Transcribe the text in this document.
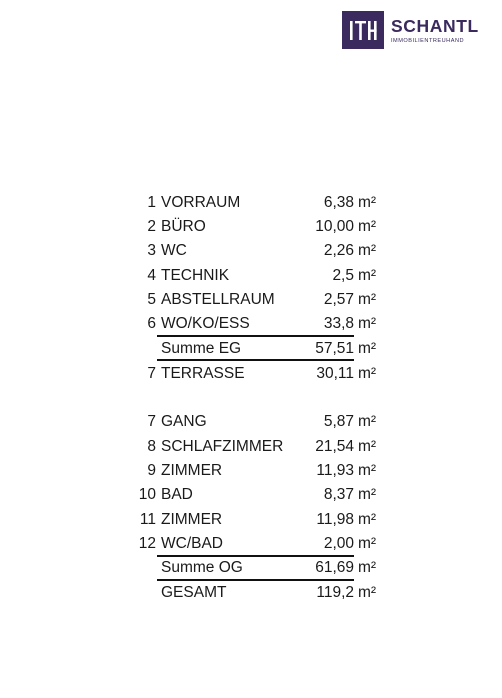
SCHANTL
IMMOBILIENTREUHAND
1 VORRAUM	6,38 m²
2 BÜRO	10,00 m²
3 WC	2,26 m²
4 TECHNIK	2,5 m²
5 ABSTELLRAUM	2,57 m²
6 WO/KO/ESS	33,8 m²
Summe EG	57,51 m²
7 TERRASSE	30,11 m²
7 GANG	5,87 m²
8 SCHLAFZIMMER 21,54 m²
9 ZIMMER	11,93 m²
10 BAD	8,37 m²
11 ZIMMER	11,98 m²
12 WC/BAD	2,00 m²
Summe OG	61,69 m²
GESAMT	119,2 m²
